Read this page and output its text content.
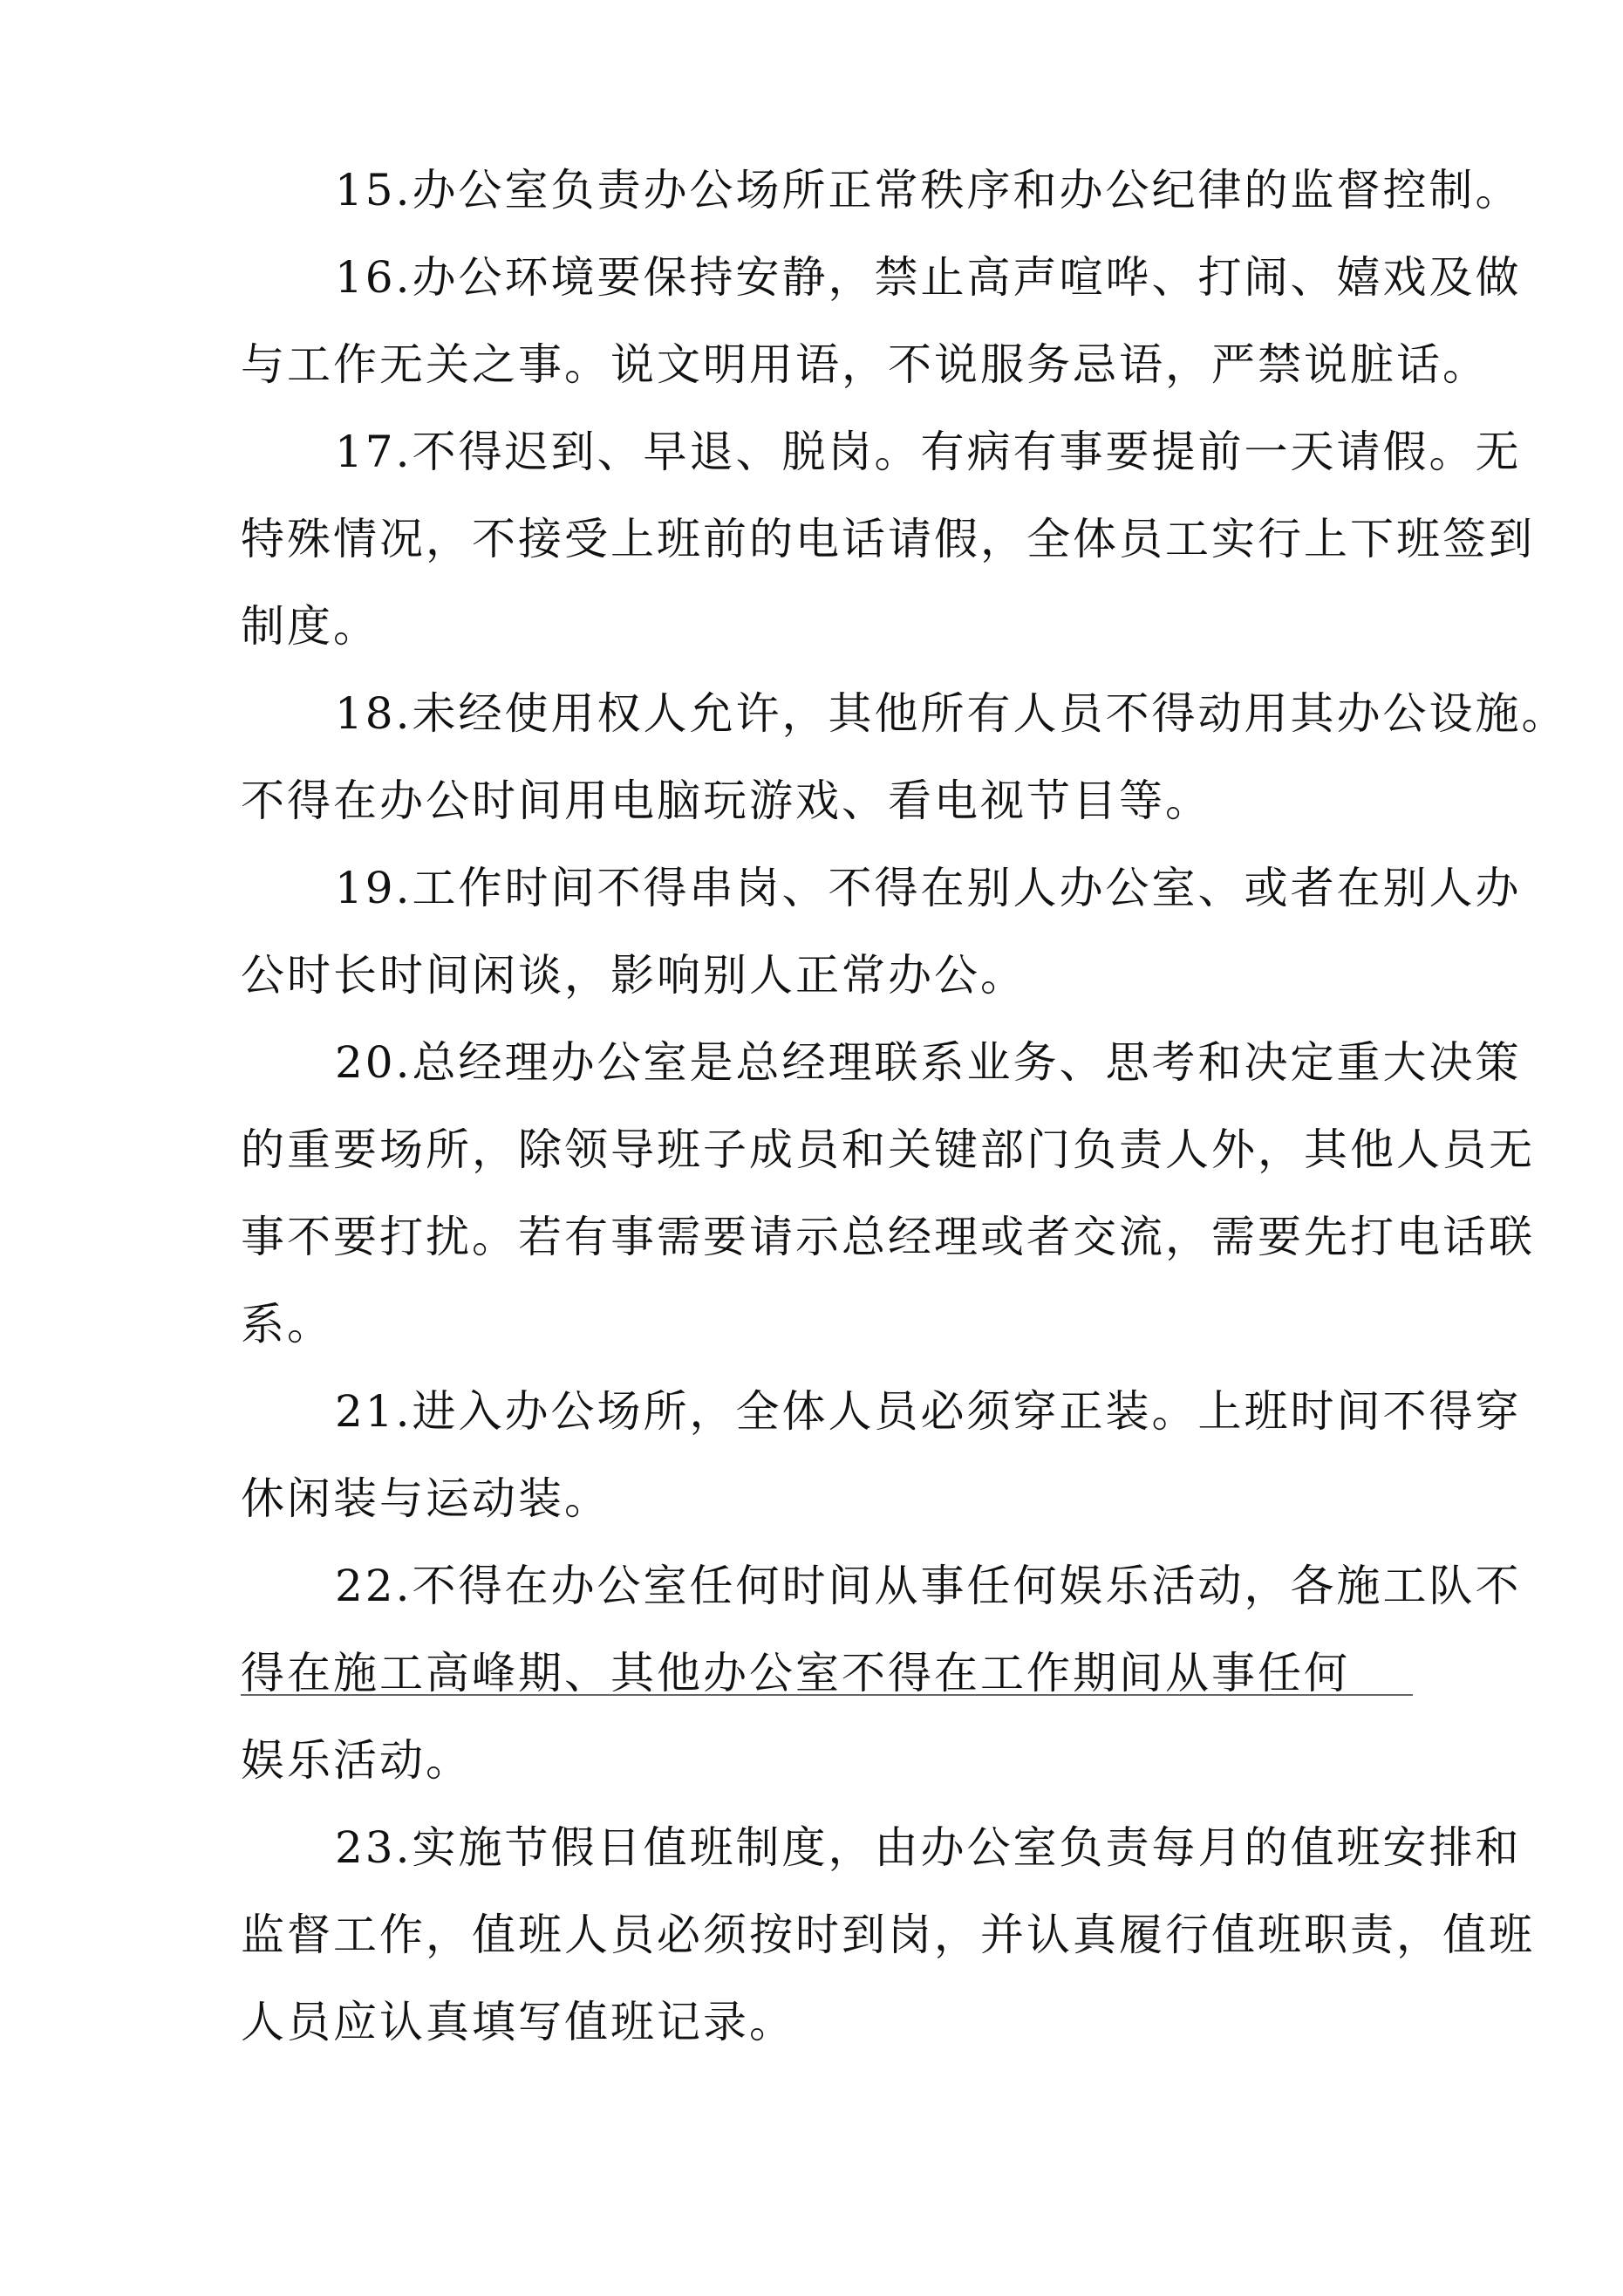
15.办公室负责办公场所正常秩序和办公纪律的监督控制。
16.办公环境要保持安静，禁止高声喧哗、打闹、嬉戏及做
与工作无关之事。说文明用语，不说服务忌语，严禁说脏话。
17.不得迟到、早退、脱岗。有病有事要提前一天请假。无
特殊情况，不接受上班前的电话请假，全体员工实行上下班签到
制度。
18.未经使用权人允许，其他所有人员不得动用其办公设施。
不得在办公时间用电脑玩游戏、看电视节目等。
19.工作时间不得串岗、不得在别人办公室、或者在别人办
公时长时间闲谈，影响别人正常办公。
20.总经理办公室是总经理联系业务、思考和决定重大决策
的重要场所，除领导班子成员和关键部门负责人外，其他人员无
事不要打扰。若有事需要请示总经理或者交流，需要先打电话联
系。
21.进入办公场所，全体人员必须穿正装。上班时间不得穿
休闲装与运动装。
22.不得在办公室任何时间从事任何娱乐活动，各施工队不
得在施工高峰期、其他办公室不得在工作期间从事任何
娱乐活动。
23.实施节假日值班制度，由办公室负责每月的值班安排和
监督工作，值班人员必须按时到岗，并认真履行值班职责，值班
人员应认真填写值班记录。
